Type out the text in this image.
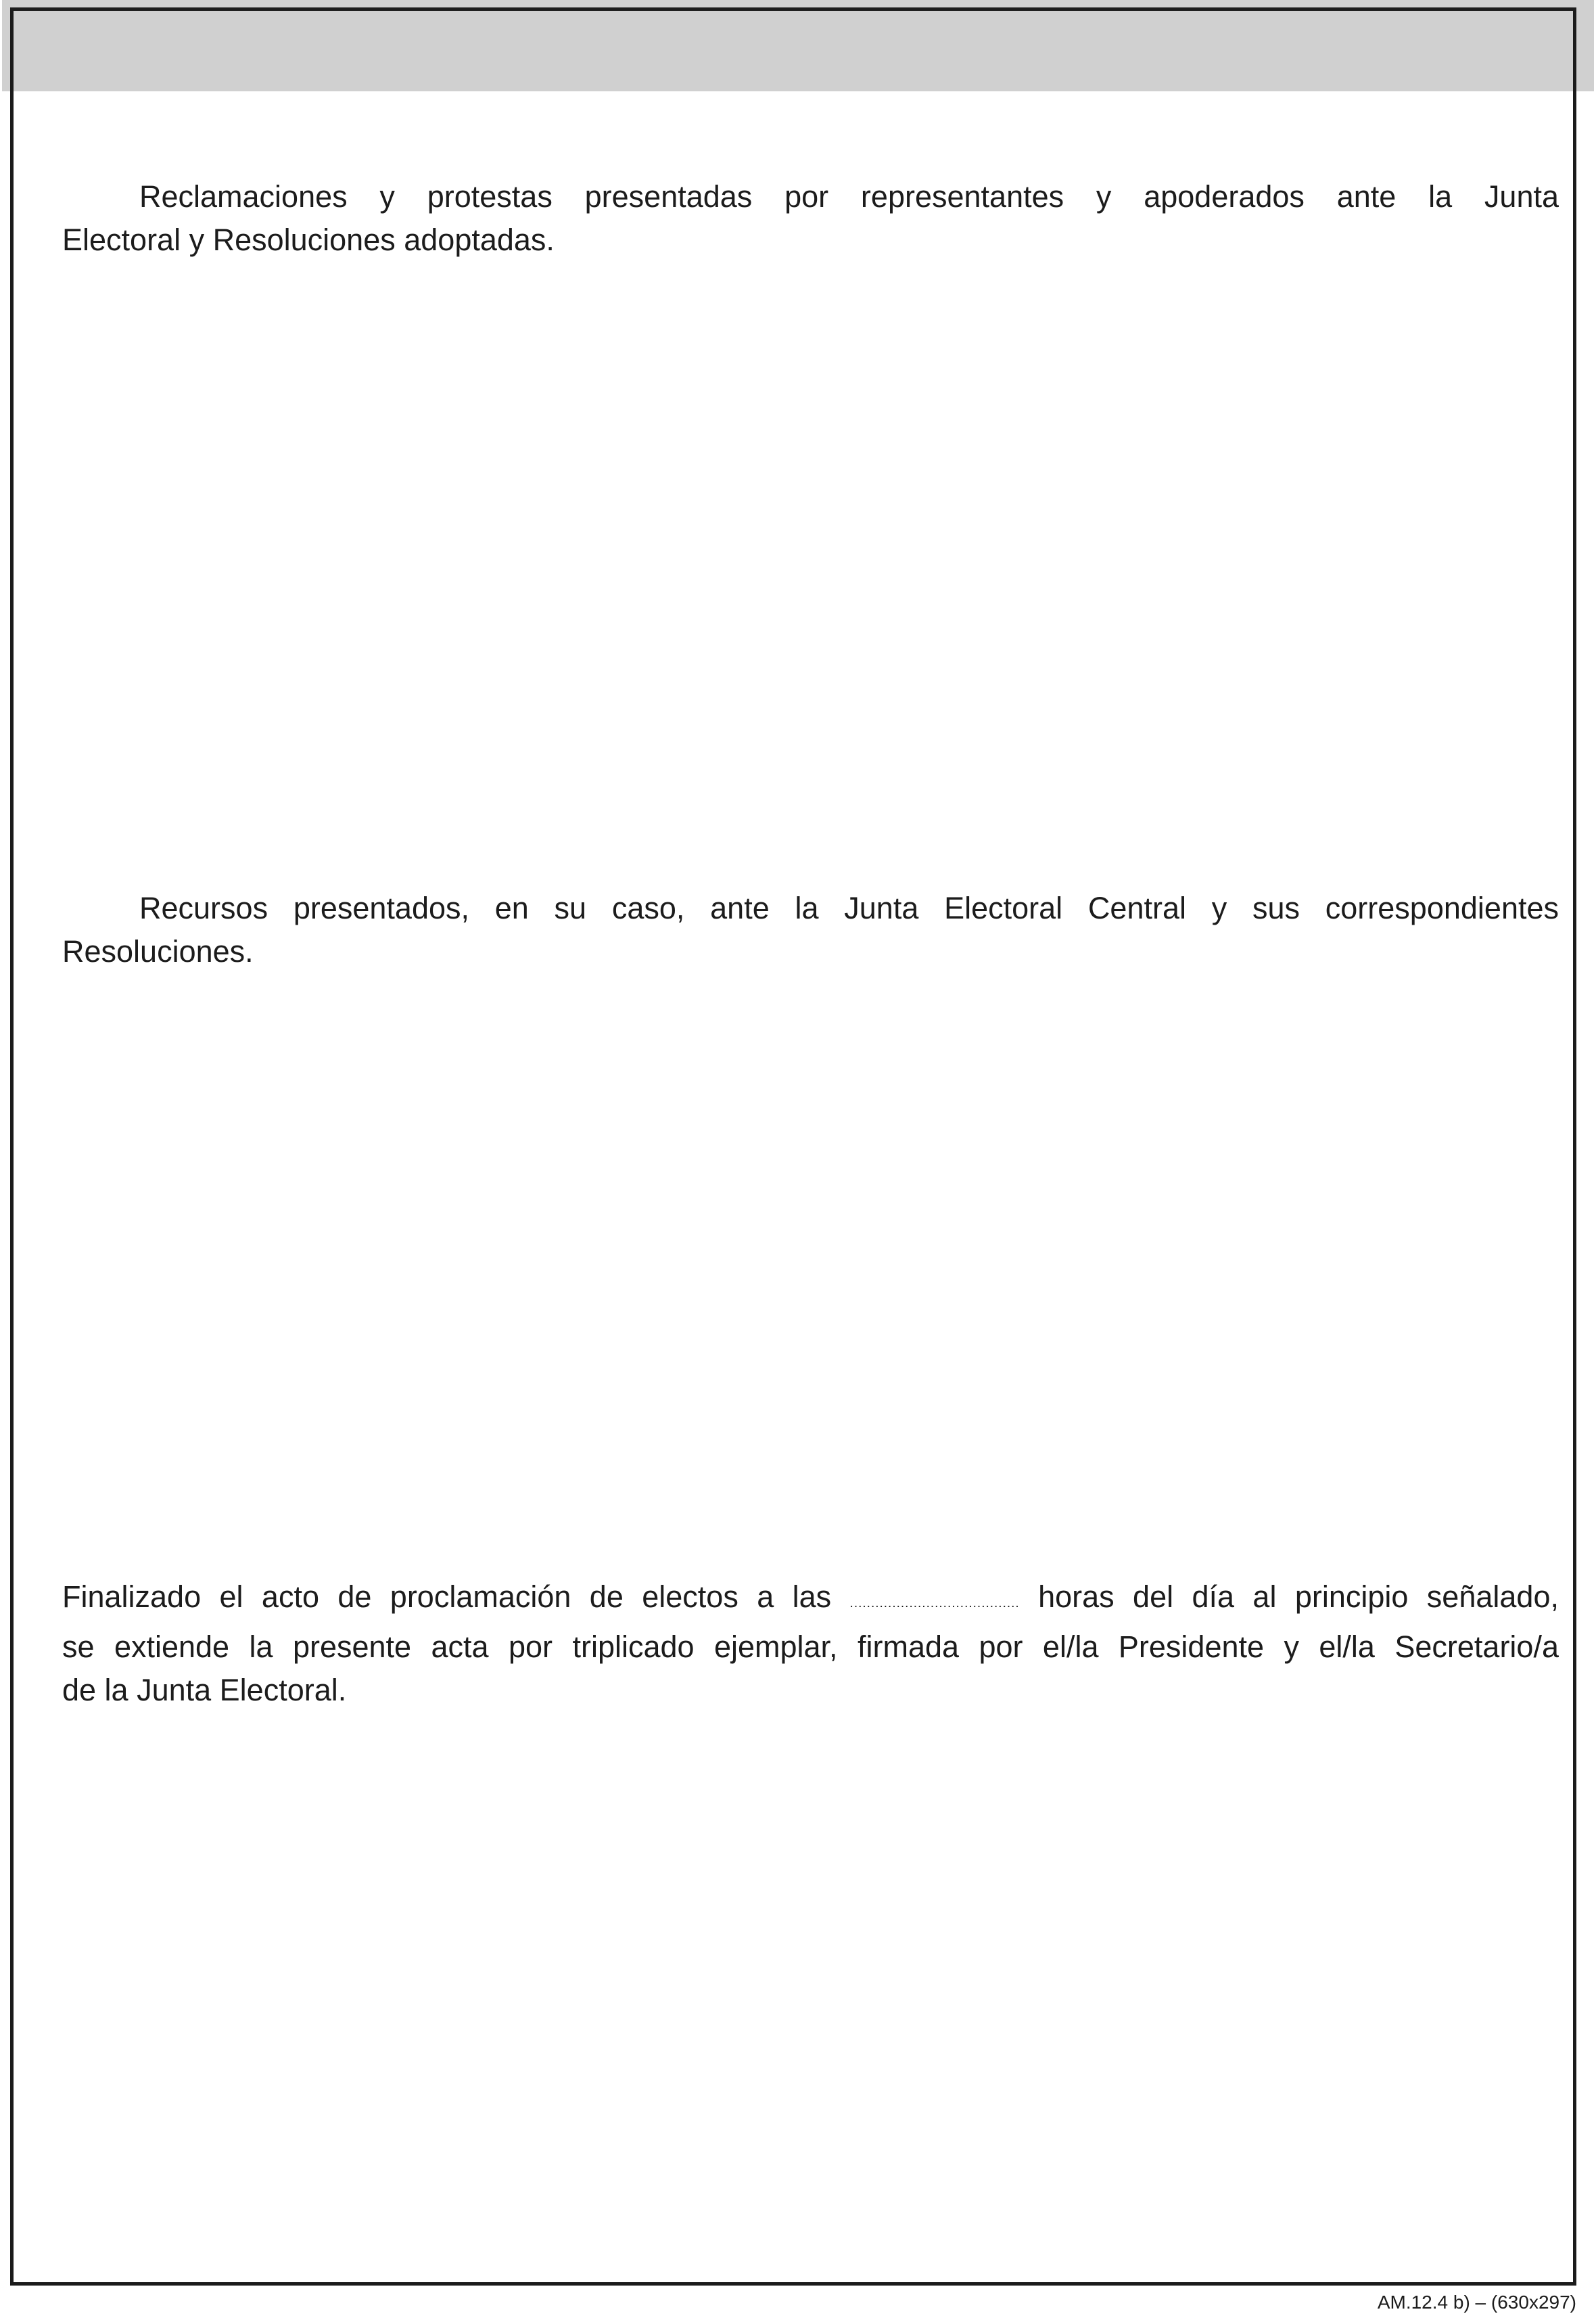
Reclamaciones y protestas presentadas por representantes y apoderados ante la Junta
Electoral y Resoluciones adoptadas.
Recursos presentados, en su caso, ante la Junta Electoral Central y sus correspondientes
Resoluciones.
Finalizado el acto de proclamación de electos a las ........................................ horas del día al principio señalado,
se extiende la presente acta por triplicado ejemplar, firmada por el/la Presidente y el/la Secretario/a
de la Junta Electoral.
AM.12.4 b) – (630x297)
